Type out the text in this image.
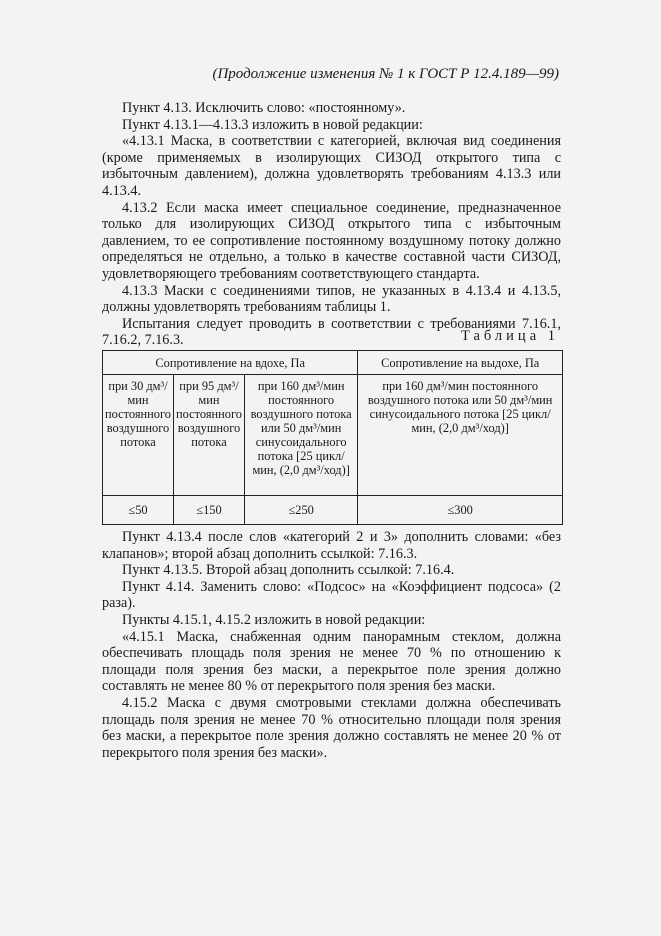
(Продолжение изменения № 1 к ГОСТ Р 12.4.189—99)

Пункт 4.13. Исключить слово: «постоянному».

Пункт 4.13.1—4.13.3 изложить в новой редакции:

«4.13.1 Маска, в соответствии с категорией, включая вид соединения (кроме применяемых в изолирующих СИЗОД открытого типа с избыточным давлением), должна удовлетворять требованиям 4.13.3 или 4.13.4.

4.13.2 Если маска имеет специальное соединение, предназначенное только для изолирующих СИЗОД открытого типа с избыточным давлением, то ее сопротивление постоянному воздушному потоку должно определяться не отдельно, а только в качестве составной части СИЗОД, удовлетворяющего требованиям соответствующего стандарта.

4.13.3 Маски с соединениями типов, не указанных в 4.13.4 и 4.13.5, должны удовлетворять требованиям таблицы 1.

Испытания следует проводить в соответствии с требованиями 7.16.1, 7.16.2, 7.16.3.	Таблица 1
Сопротивление на вдохе, Па			Сопротивление на выдохе, Па
при 30 дм³/мин постоянного воздушного потока	при 95 дм³/мин постоянного воздушного потока	при 160 дм³/мин постоянного воздушного потока или 50 дм³/мин синусоидального потока [25 цикл/мин, (2,0 дм³/ход)]	при 160 дм³/мин постоянного воздушного потока или 50 дм³/мин синусоидального потока [25 цикл/мин, (2,0 дм³/ход)]
≤50	≤150	≤250	≤300

Пункт 4.13.4 после слов «категорий 2 и 3» дополнить словами: «без клапанов»; второй абзац дополнить ссылкой: 7.16.3.

Пункт 4.13.5. Второй абзац дополнить ссылкой: 7.16.4.

Пункт 4.14. Заменить слово: «Подсос» на «Коэффициент подсоса» (2 раза).

Пункты 4.15.1, 4.15.2 изложить в новой редакции:

«4.15.1 Маска, снабженная одним панорамным стеклом, должна обеспечивать площадь поля зрения не менее 70 % по отношению к площади поля зрения без маски, а перекрытое поле зрения должно составлять не менее 80 % от перекрытого поля зрения без маски.

4.15.2 Маска с двумя смотровыми стеклами должна обеспечивать площадь поля зрения не менее 70 % относительно площади поля зрения без маски, а перекрытое поле зрения должно составлять не менее 20 % от перекрытого поля зрения без маски».
